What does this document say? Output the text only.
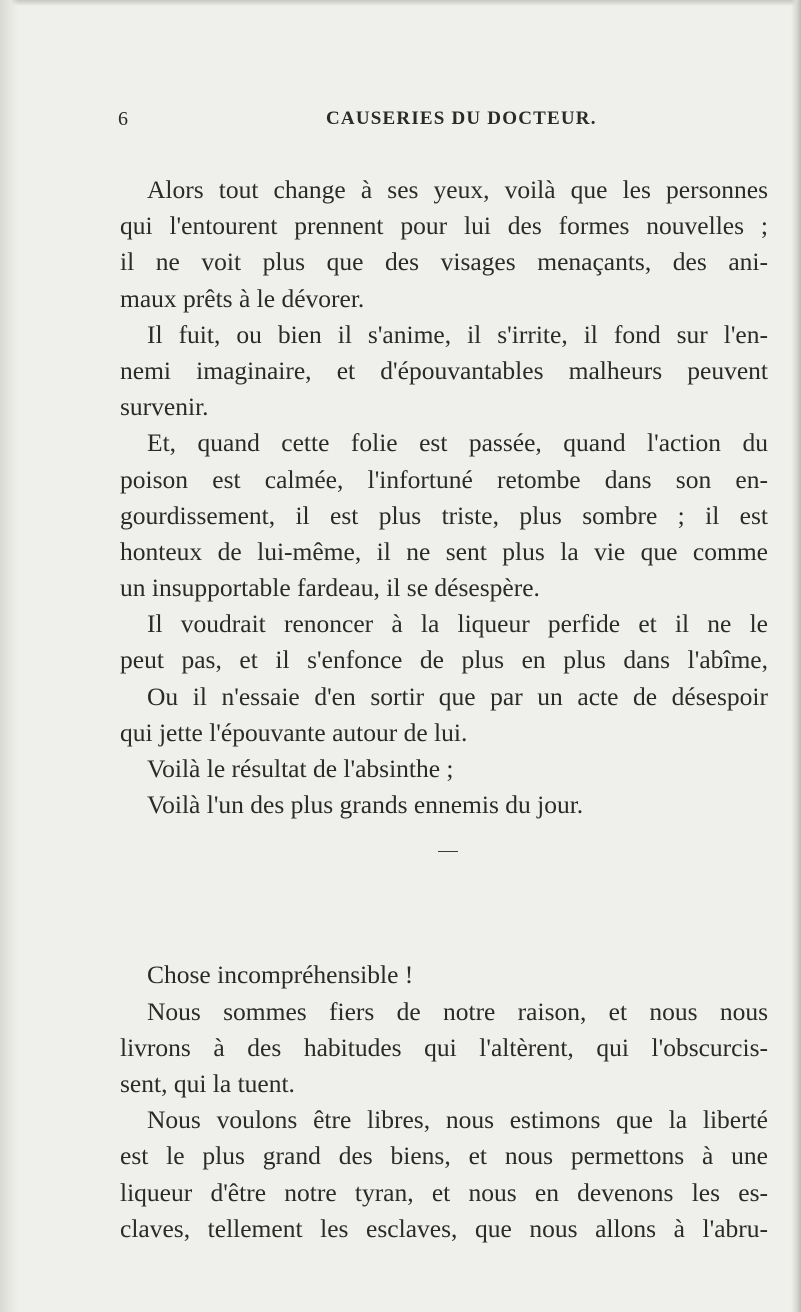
6	CAUSERIES DU DOCTEUR.
Alors tout change à ses yeux, voilà que les personnes
qui l'entourent prennent pour lui des formes nouvelles ;
il ne voit plus que des visages menaçants, des ani-
maux prêts à le dévorer.
Il fuit, ou bien il s'anime, il s'irrite, il fond sur l'en-
nemi imaginaire, et d'épouvantables malheurs peuvent
survenir.
Et, quand cette folie est passée, quand l'action du
poison est calmée, l'infortuné retombe dans son en-
gourdissement, il est plus triste, plus sombre ; il est
honteux de lui-même, il ne sent plus la vie que comme
un insupportable fardeau, il se désespère.
Il voudrait renoncer à la liqueur perfide et il ne le
peut pas, et il s'enfonce de plus en plus dans l'abîme,
Ou il n'essaie d'en sortir que par un acte de désespoir
qui jette l'épouvante autour de lui.
Voilà le résultat de l'absinthe ;
Voilà l'un des plus grands ennemis du jour.
Chose incompréhensible !
Nous sommes fiers de notre raison, et nous nous
livrons à des habitudes qui l'altèrent, qui l'obscurcis-
sent, qui la tuent.
Nous voulons être libres, nous estimons que la liberté
est le plus grand des biens, et nous permettons à une
liqueur d'être notre tyran, et nous en devenons les es-
claves, tellement les esclaves, que nous allons à l'abru-
